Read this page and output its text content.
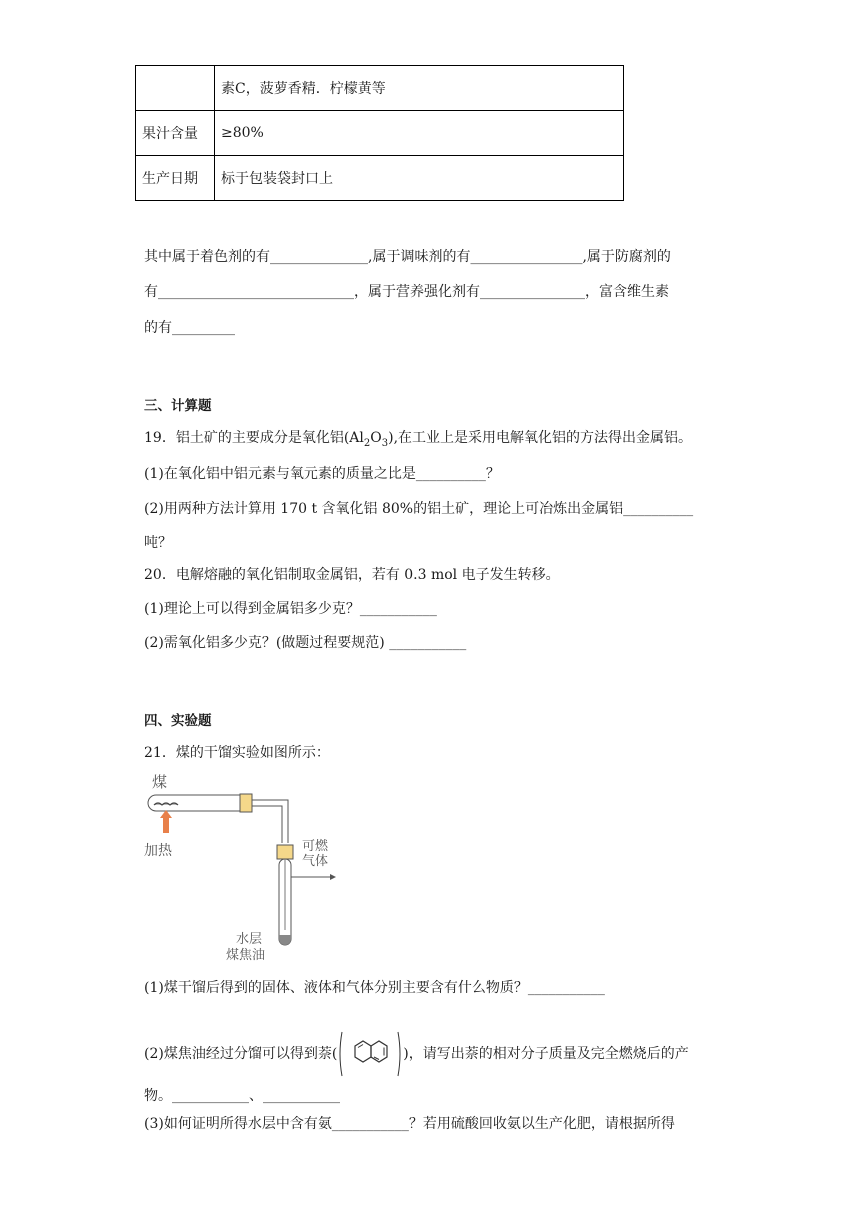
	素C，菠萝香精．柠檬黄等
果汁含量	≥80%
生产日期	标于包装袋封口上
其中属于着色剂的有______________,属于调味剂的有________________,属于防腐剂的
有____________________________，属于营养强化剂有_______________，富含维生素
的有_________
三、计算题
19．铝土矿的主要成分是氧化铝$(Al_2O_3)$,在工业上是采用电解氧化铝的方法得出金属铝。
(1)在氧化铝中铝元素与氧元素的质量之比是__________？
(2)用两种方法计算用 170 t 含氧化铝 80%的铝土矿，理论上可冶炼出金属铝__________
吨？
20．电解熔融的氧化铝制取金属铝，若有 0.3 mol 电子发生转移。
(1)理论上可以得到金属铝多少克？___________
(2)需氧化铝多少克？(做题过程要规范) ___________
四、实验题
21．煤的干馏实验如图所示：
煤
加热	可燃
气体
水层
煤焦油
(1)煤干馏后得到的固体、液体和气体分别主要含有什么物质？___________
(2)煤焦油经过分馏可以得到萘(	)，请写出萘的相对分子质量及完全燃烧后的产
物。___________、___________
(3)如何证明所得水层中含有氨___________？若用硫酸回收氨以生产化肥，请根据所得
